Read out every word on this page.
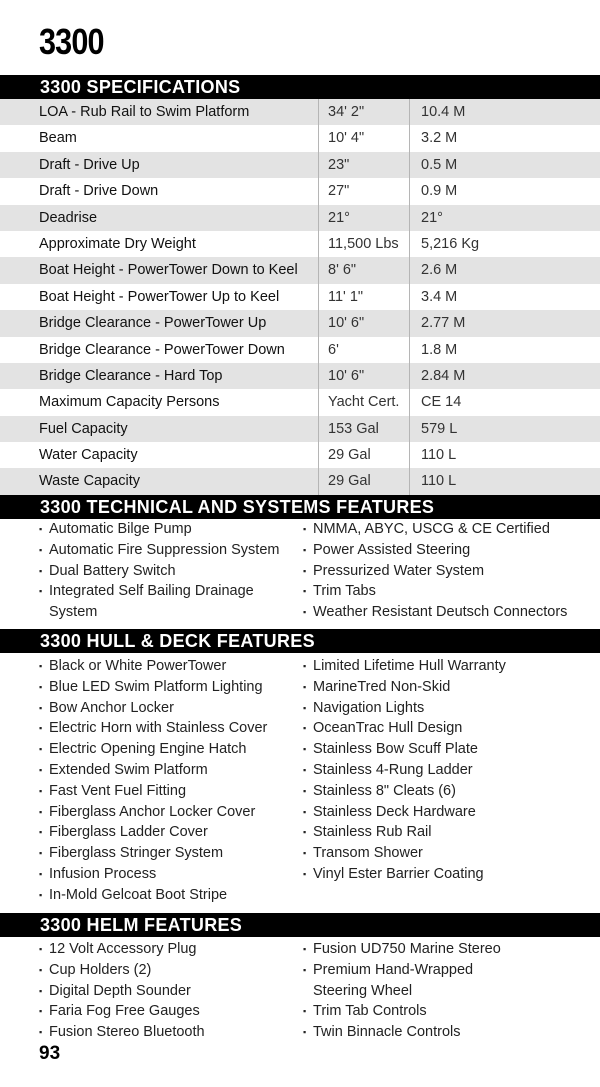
3300
3300 SPECIFICATIONS
LOA - Rub Rail to Swim Platform	34' 2"	10.4 M
Beam	10' 4"	3.2 M
Draft - Drive Up	23"	0.5 M
Draft - Drive Down	27"	0.9 M
Deadrise	21°	21°
Approximate Dry Weight	11,500 Lbs	5,216 Kg
Boat Height - PowerTower Down to Keel	8' 6"	2.6 M
Boat Height - PowerTower Up to Keel	11' 1"	3.4 M
Bridge Clearance - PowerTower Up	10' 6"	2.77 M
Bridge Clearance - PowerTower Down	6'	1.8 M
Bridge Clearance - Hard Top	10' 6"	2.84 M
Maximum Capacity Persons	Yacht Cert.	CE 14
Fuel Capacity	153 Gal	579 L
Water Capacity	29 Gal	110 L
Waste Capacity	29 Gal	110 L
3300 TECHNICAL AND SYSTEMS FEATURES
▪ Automatic Bilge Pump
▪ Automatic Fire Suppression System
▪ Dual Battery Switch
▪ Integrated Self Bailing Drainage System
▪ NMMA, ABYC, USCG & CE Certified
▪ Power Assisted Steering
▪ Pressurized Water System
▪ Trim Tabs
▪ Weather Resistant Deutsch Connectors
3300 HULL & DECK FEATURES
▪ Black or White PowerTower
▪ Blue LED Swim Platform Lighting
▪ Bow Anchor Locker
▪ Electric Horn with Stainless Cover
▪ Electric Opening Engine Hatch
▪ Extended Swim Platform
▪ Fast Vent Fuel Fitting
▪ Fiberglass Anchor Locker Cover
▪ Fiberglass Ladder Cover
▪ Fiberglass Stringer System
▪ Infusion Process
▪ In-Mold Gelcoat Boot Stripe
▪ Limited Lifetime Hull Warranty
▪ MarineTred Non-Skid
▪ Navigation Lights
▪ OceanTrac Hull Design
▪ Stainless Bow Scuff Plate
▪ Stainless 4-Rung Ladder
▪ Stainless 8" Cleats (6)
▪ Stainless Deck Hardware
▪ Stainless Rub Rail
▪ Transom Shower
▪ Vinyl Ester Barrier Coating
3300 HELM FEATURES
▪ 12 Volt Accessory Plug
▪ Cup Holders (2)
▪ Digital Depth Sounder
▪ Faria Fog Free Gauges
▪ Fusion Stereo Bluetooth
▪ Fusion UD750 Marine Stereo
▪ Premium Hand-Wrapped Steering Wheel
▪ Trim Tab Controls
▪ Twin Binnacle Controls

93
